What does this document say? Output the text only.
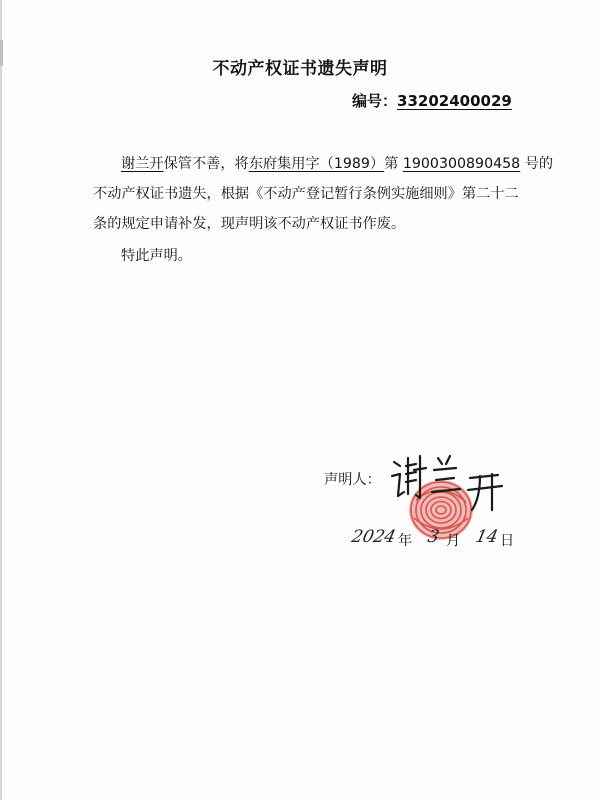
不动产权证书遗失声明
编号：33202400029
谢兰开保管不善，将东府集用字（1989）第 1900300890458 号的
不动产权证书遗失，根据《不动产登记暂行条例实施细则》第二十二
条的规定申请补发，现声明该不动产权证书作废。
特此声明。
声明人：
2024 年 3 月 14 日
